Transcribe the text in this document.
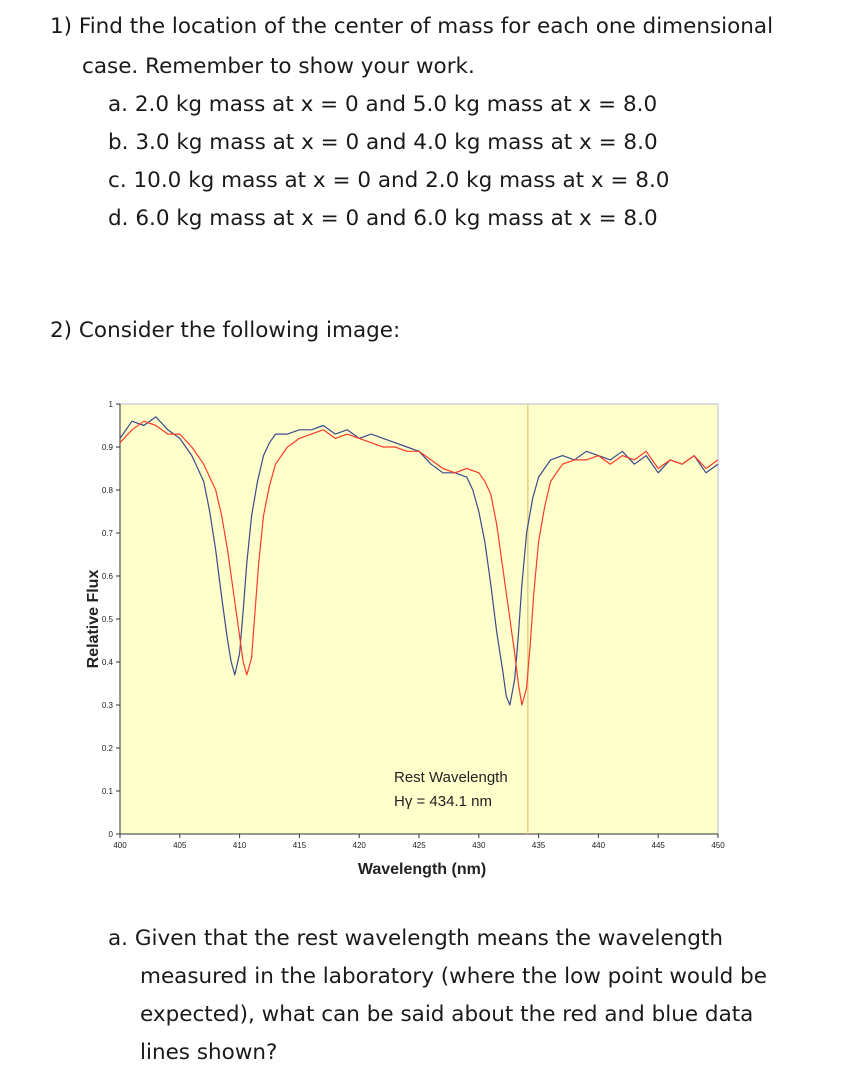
1) Find the location of the center of mass for each one dimensional
case. Remember to show your work.
a. 2.0 kg mass at x = 0 and 5.0 kg mass at x = 8.0
b. 3.0 kg mass at x = 0 and 4.0 kg mass at x = 8.0
c. 10.0 kg mass at x = 0 and 2.0 kg mass at x = 8.0
d. 6.0 kg mass at x = 0 and 6.0 kg mass at x = 8.0
2) Consider the following image:
0
0.1
0.2
0.3
0.4
0.5
0.6
0.7
0.8
0.9
1
400	405	410	415	420	425	430	435	440	445	450
Rest Wavelength
Hγ = 434.1 nm
Wavelength (nm)
Relative Flux
a. Given that the rest wavelength means the wavelength
measured in the laboratory (where the low point would be
expected), what can be said about the red and blue data
lines shown?
